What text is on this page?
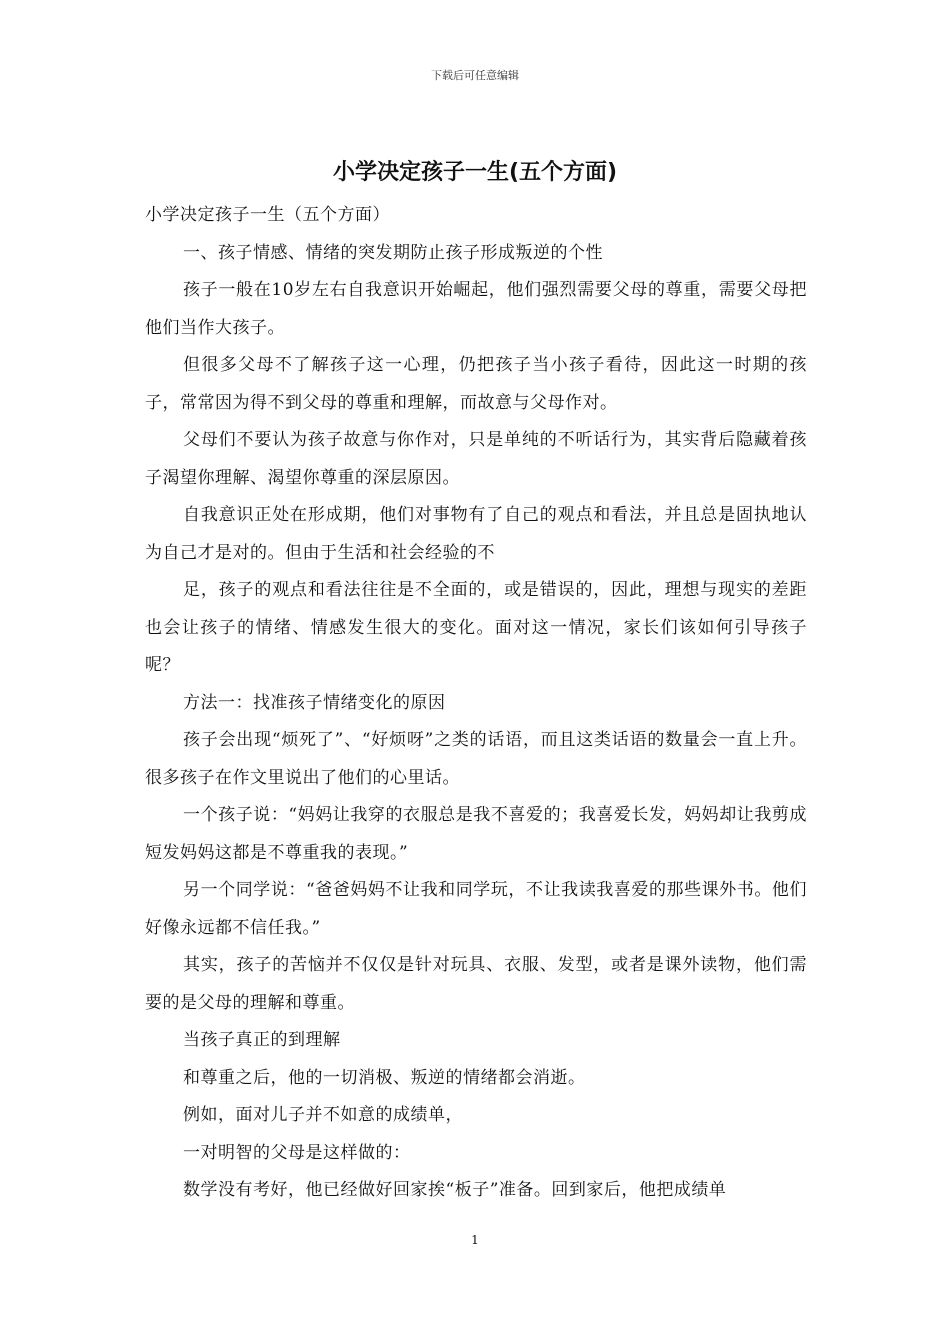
下载后可任意编辑
小学决定孩子一生(五个方面)

小学决定孩子一生（五个方面）

一、孩子情感、情绪的突发期防止孩子形成叛逆的个性

孩子一般在10岁左右自我意识开始崛起，他们强烈需要父母的尊重，需要父母把他们当作大孩子。

但很多父母不了解孩子这一心理，仍把孩子当小孩子看待，因此这一时期的孩子，常常因为得不到父母的尊重和理解，而故意与父母作对。

父母们不要认为孩子故意与你作对，只是单纯的不听话行为，其实背后隐藏着孩子渴望你理解、渴望你尊重的深层原因。

自我意识正处在形成期，他们对事物有了自己的观点和看法，并且总是固执地认为自己才是对的。但由于生活和社会经验的不

足，孩子的观点和看法往往是不全面的，或是错误的，因此，理想与现实的差距也会让孩子的情绪、情感发生很大的变化。面对这一情况，家长们该如何引导孩子呢？

方法一：找准孩子情绪变化的原因

孩子会出现“烦死了”、“好烦呀”之类的话语，而且这类话语的数量会一直上升。很多孩子在作文里说出了他们的心里话。

一个孩子说：“妈妈让我穿的衣服总是我不喜爱的；我喜爱长发，妈妈却让我剪成短发妈妈这都是不尊重我的表现。”

另一个同学说：“爸爸妈妈不让我和同学玩，不让我读我喜爱的那些课外书。他们好像永远都不信任我。”

其实，孩子的苦恼并不仅仅是针对玩具、衣服、发型，或者是课外读物，他们需要的是父母的理解和尊重。

当孩子真正的到理解

和尊重之后，他的一切消极、叛逆的情绪都会消逝。

例如，面对儿子并不如意的成绩单，

一对明智的父母是这样做的：

数学没有考好，他已经做好回家挨“板子”准备。回到家后，他把成绩单

1
